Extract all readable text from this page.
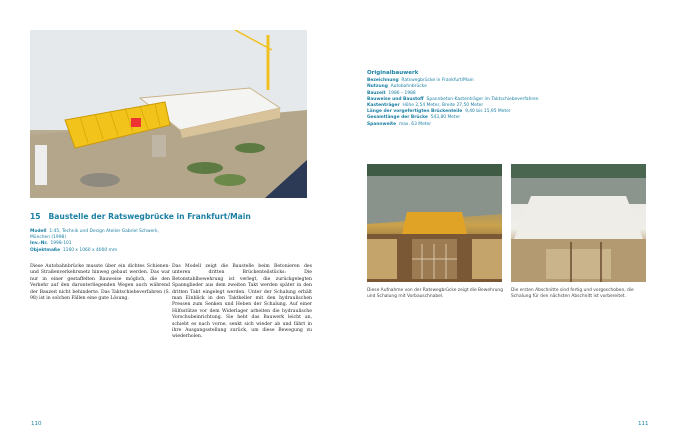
15 Baustelle der Ratswegbrücke in Frankfurt/Main
Modell 1:45, Technik und Design Atelier Gabriel Schwerk, München (1998)
Inv.-Nr. 1998-101
Objektmaße 1160 x 1060 x 4000 mm
Diese Autobahnbrücke musste über ein dichtes Schienen- und Straßenverkehrsnetz hinweg gebaut werden. Das war nur in einer gestaffelten Bauweise möglich, die den Verkehr auf den darunterliegenden Wegen auch während der Bauzeit nicht behinderte. Das Taktschiebeverfahren (S. 98) ist in solchen Fällen eine gute Lösung.
Das Modell zeigt die Baustelle beim Betonieren des unteren dritten Brückenteilstücks: Die Betonstahlbewehrung ist verlegt, die zurückgelegten Spannglieder aus dem zweiten Takt werden später in den dritten Takt eingelegt werden. Unter der Schalung erhält man Einblick in den Taktkeller mit den hydraulischen Pressen zum Senken und Heben der Schalung. Auf einer Hilfsstütze vor dem Widerlager arbeiten die hydraulische Vorschubeinrichtung. Sie hebt das Bauwerk leicht an, schiebt es nach vorne, senkt sich wieder ab und fährt in ihre Ausgangsstellung zurück, um diese Bewegung zu wiederholen.
110
Originalbauwerk
Bezeichnung Ratswegbrücke in Frankfurt/Main
Nutzung Autobahnbrücke
Bauzeit 1986 – 1988
Bauweise und Baustoff Spannbeton-Kastenträger im Taktschiebeverfahren
Kastenträger Höhe 2,54 Meter, Breite 27,50 Meter
Länge der vorgefertigten Brückenteile 9,40 bis 15,95 Meter
Gesamtlänge der Brücke 543,80 Meter
Spannweite max. 63 Meter
Diese Aufnahme von der Ratswegbrücke zeigt die Bewehrung und Schalung mit Vorbauschnabel.
Die ersten Abschnitte sind fertig und vorgeschoben, die Schalung für den nächsten Abschnitt ist vorbereitet.
111
